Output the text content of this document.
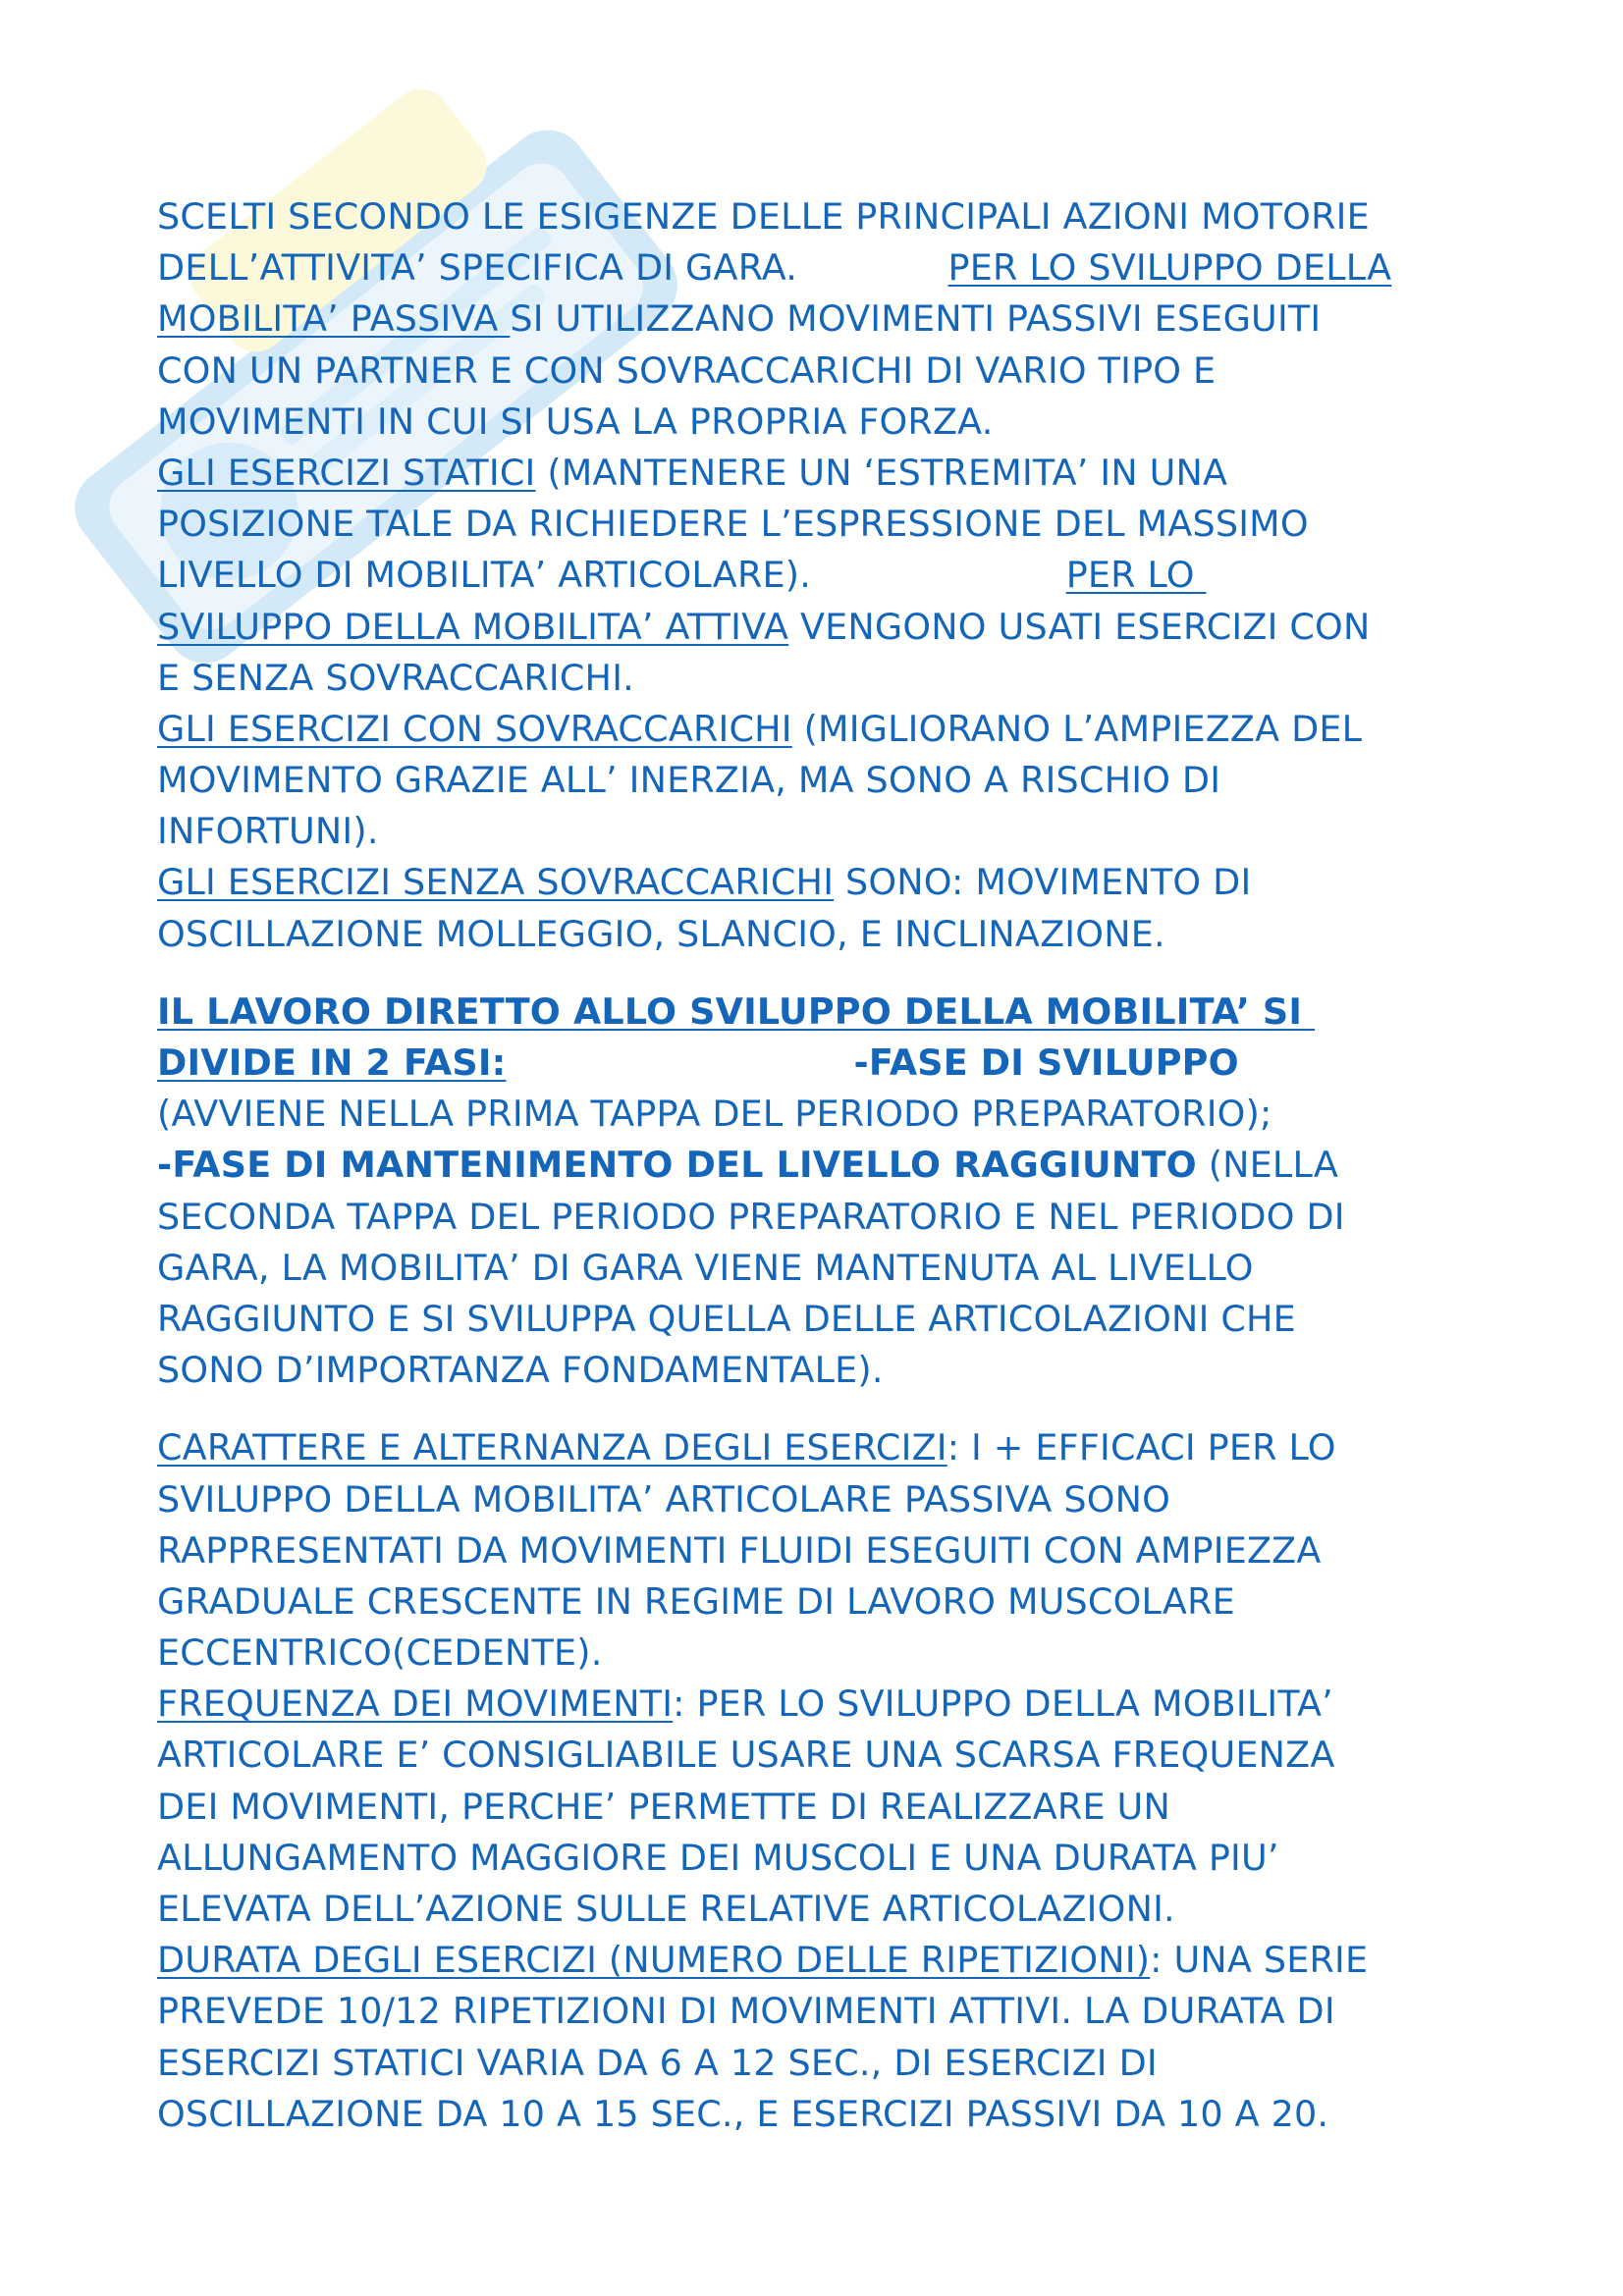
SCELTI SECONDO LE ESIGENZE DELLE PRINCIPALI AZIONI MOTORIE
DELL’ATTIVITA’ SPECIFICA DI GARA.             PER LO SVILUPPO DELLA
MOBILITA’ PASSIVA SI UTILIZZANO MOVIMENTI PASSIVI ESEGUITI
CON UN PARTNER E CON SOVRACCARICHI DI VARIO TIPO E
MOVIMENTI IN CUI SI USA LA PROPRIA FORZA.
GLI ESERCIZI STATICI (MANTENERE UN ‘ESTREMITA’ IN UNA
POSIZIONE TALE DA RICHIEDERE L’ESPRESSIONE DEL MASSIMO
LIVELLO DI MOBILITA’ ARTICOLARE).                      PER LO
SVILUPPO DELLA MOBILITA’ ATTIVA VENGONO USATI ESERCIZI CON
E SENZA SOVRACCARICHI.
GLI ESERCIZI CON SOVRACCARICHI (MIGLIORANO L’AMPIEZZA DEL
MOVIMENTO GRAZIE ALL’ INERZIA, MA SONO A RISCHIO DI
INFORTUNI).
GLI ESERCIZI SENZA SOVRACCARICHI SONO: MOVIMENTO DI
OSCILLAZIONE MOLLEGGIO, SLANCIO, E INCLINAZIONE.
IL LAVORO DIRETTO ALLO SVILUPPO DELLA MOBILITA’ SI
DIVIDE IN 2 FASI:	-FASE DI SVILUPPO
(AVVIENE NELLA PRIMA TAPPA DEL PERIODO PREPARATORIO);
-FASE DI MANTENIMENTO DEL LIVELLO RAGGIUNTO (NELLA
SECONDA TAPPA DEL PERIODO PREPARATORIO E NEL PERIODO DI
GARA, LA MOBILITA’ DI GARA VIENE MANTENUTA AL LIVELLO
RAGGIUNTO E SI SVILUPPA QUELLA DELLE ARTICOLAZIONI CHE
SONO D’IMPORTANZA FONDAMENTALE).
CARATTERE E ALTERNANZA DEGLI ESERCIZI: I + EFFICACI PER LO
SVILUPPO DELLA MOBILITA’ ARTICOLARE PASSIVA SONO
RAPPRESENTATI DA MOVIMENTI FLUIDI ESEGUITI CON AMPIEZZA
GRADUALE CRESCENTE IN REGIME DI LAVORO MUSCOLARE
ECCENTRICO(CEDENTE).
FREQUENZA DEI MOVIMENTI: PER LO SVILUPPO DELLA MOBILITA’
ARTICOLARE E’ CONSIGLIABILE USARE UNA SCARSA FREQUENZA
DEI MOVIMENTI, PERCHE’ PERMETTE DI REALIZZARE UN
ALLUNGAMENTO MAGGIORE DEI MUSCOLI E UNA DURATA PIU’
ELEVATA DELL’AZIONE SULLE RELATIVE ARTICOLAZIONI.
DURATA DEGLI ESERCIZI (NUMERO DELLE RIPETIZIONI): UNA SERIE
PREVEDE 10/12 RIPETIZIONI DI MOVIMENTI ATTIVI. LA DURATA DI
ESERCIZI STATICI VARIA DA 6 A 12 SEC., DI ESERCIZI DI
OSCILLAZIONE DA 10 A 15 SEC., E ESERCIZI PASSIVI DA 10 A 20.
